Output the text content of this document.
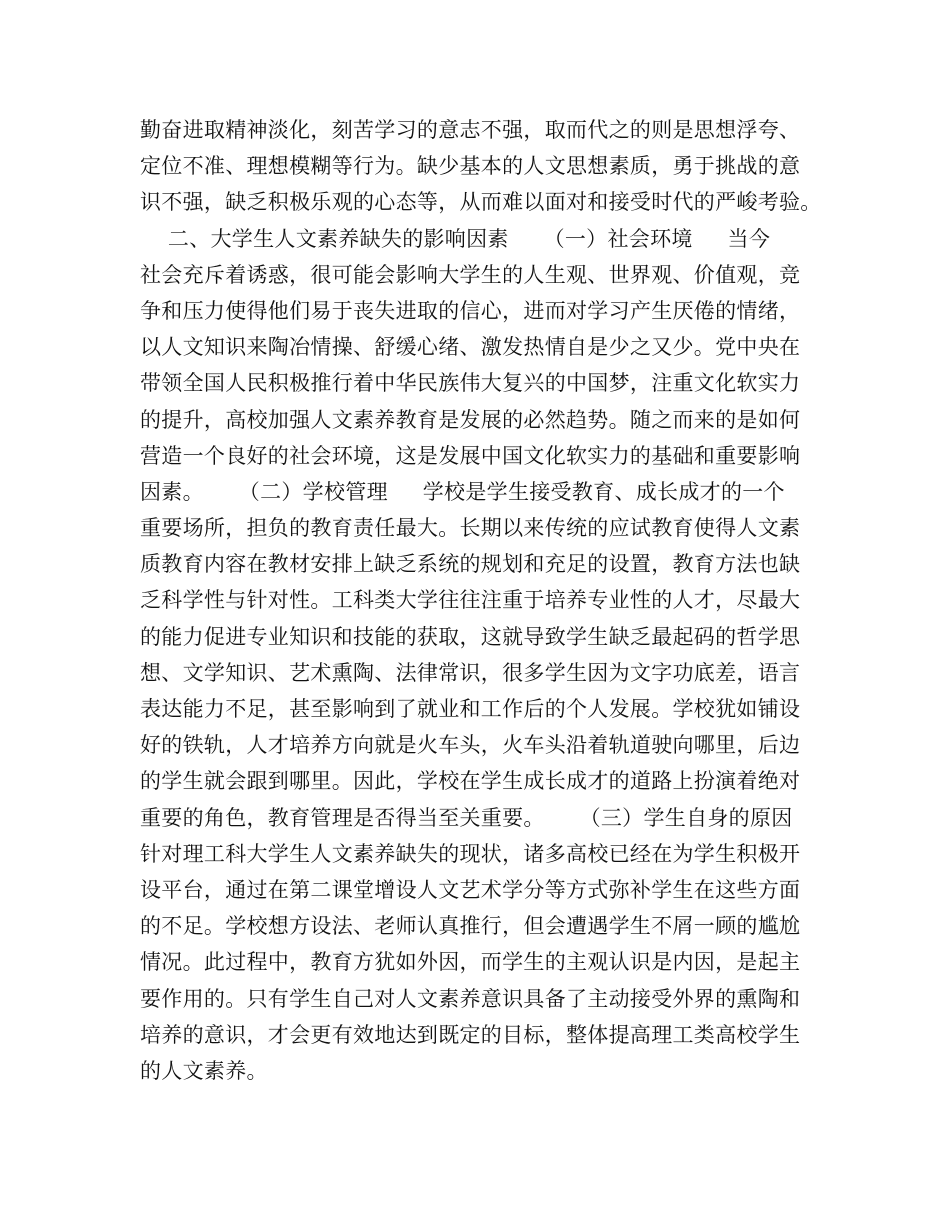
勤奋进取精神淡化，刻苦学习的意志不强，取而代之的则是思想浮夸、
定位不准、理想模糊等行为。缺少基本的人文思想素质，勇于挑战的意
识不强，缺乏积极乐观的心态等，从而难以面对和接受时代的严峻考验。
二、大学生人文素养缺失的影响因素     （一）社会环境     当今
社会充斥着诱惑，很可能会影响大学生的人生观、世界观、价值观，竞
争和压力使得他们易于丧失进取的信心，进而对学习产生厌倦的情绪，
以人文知识来陶冶情操、舒缓心绪、激发热情自是少之又少。党中央在
带领全国人民积极推行着中华民族伟大复兴的中国梦，注重文化软实力
的提升，高校加强人文素养教育是发展的必然趋势。随之而来的是如何
营造一个良好的社会环境，这是发展中国文化软实力的基础和重要影响
因素。     （二）学校管理     学校是学生接受教育、成长成才的一个
重要场所，担负的教育责任最大。长期以来传统的应试教育使得人文素
质教育内容在教材安排上缺乏系统的规划和充足的设置，教育方法也缺
乏科学性与针对性。工科类大学往往注重于培养专业性的人才，尽最大
的能力促进专业知识和技能的获取，这就导致学生缺乏最起码的哲学思
想、文学知识、艺术熏陶、法律常识，很多学生因为文字功底差，语言
表达能力不足，甚至影响到了就业和工作后的个人发展。学校犹如铺设
好的铁轨，人才培养方向就是火车头，火车头沿着轨道驶向哪里，后边
的学生就会跟到哪里。因此，学校在学生成长成才的道路上扮演着绝对
重要的角色，教育管理是否得当至关重要。     （三）学生自身的原因
针对理工科大学生人文素养缺失的现状，诸多高校已经在为学生积极开
设平台，通过在第二课堂增设人文艺术学分等方式弥补学生在这些方面
的不足。学校想方设法、老师认真推行，但会遭遇学生不屑一顾的尴尬
情况。此过程中，教育方犹如外因，而学生的主观认识是内因，是起主
要作用的。只有学生自己对人文素养意识具备了主动接受外界的熏陶和
培养的意识，才会更有效地达到既定的目标，整体提高理工类高校学生
的人文素养。
